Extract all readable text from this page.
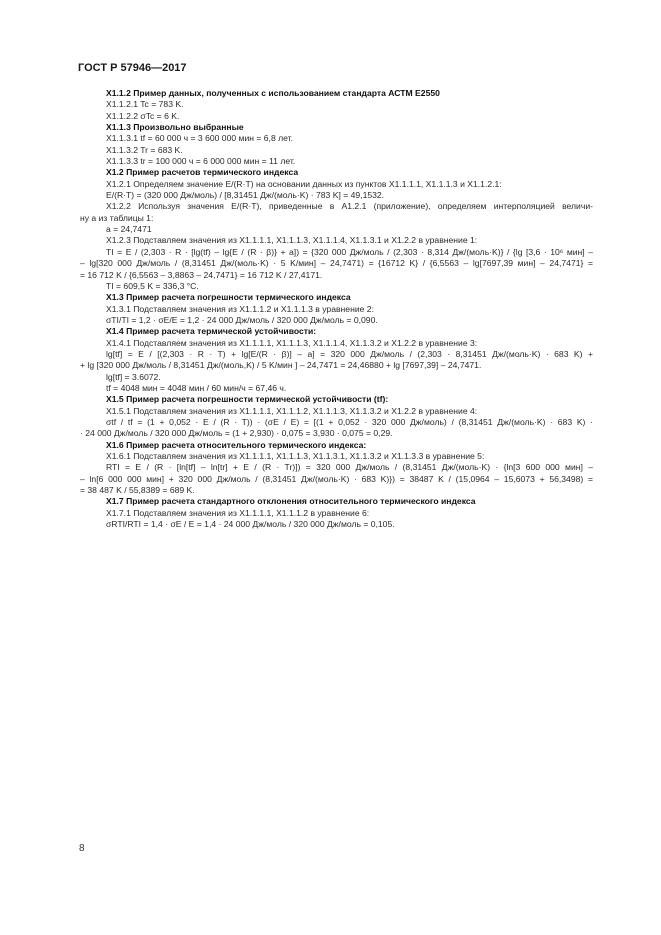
ГОСТ Р 57946—2017
X1.1.2 Пример данных, полученных с использованием стандарта АСТМ E2550
X1.1.2.1 Tc = 783 K.
X1.1.2.2 σTc = 6 K.
X1.1.3 Произвольно выбранные
X1.1.3.1 tf = 60 000 ч = 3 600 000 мин = 6,8 лет.
X1.1.3.2 Tr = 683 K.
X1.1.3.3 tr = 100 000 ч = 6 000 000 мин = 11 лет.
X1.2 Пример расчетов термического индекса
X1.2.1 Определяем значение E/(R·T) на основании данных из пунктов X1.1.1.1, X1.1.1.3 и X1.1.2.1:
E/(R·T) = (320 000 Дж/моль) / [8,31451 Дж/(моль·K) · 783 K] = 49,1532.
X1.2.2 Используя значения E/(R·T), приведенные в A1.2.1 (приложение), определяем интерполяцией величи-
ну a из таблицы 1:
a = 24,7471
X1.2.3 Подставляем значения из X1.1.1.1, X1.1.1.3, X1.1.1.4, X1.1.3.1 и X1.2.2 в уравнение 1:
TI = E / (2,303 · R · [lg(tf) – lg{E / (R · β)} + a]) = {320 000 Дж/моль / (2,303 · 8,314 Дж/(моль·K)} / {lg [3,6 · 10⁶ мин] –
– lg[320 000 Дж/моль / (8,31451 Дж/(моль·K) · 5 K/мин] – 24,7471) = {16712 K} / {6,5563 – lg[7697,39 мин] – 24,7471} =
= 16 712 K / {6,5563 – 3,8863 – 24,7471} = 16 712 K / 27,4171.
TI = 609,5 K = 336,3 °C.
X1.3 Пример расчета погрешности термического индекса
X1.3.1 Подставляем значения из X1.1.1.2 и X1.1.1.3 в уравнение 2:
σTI/TI = 1,2 · σE/E = 1,2 · 24 000 Дж/моль / 320 000 Дж/моль = 0,090.
X1.4 Пример расчета термической устойчивости:
X1.4.1 Подставляем значения из X1.1.1.1, X1.1.1.3, X1.1.1.4, X1.1.3.2 и X1.2.2 в уравнение 3:
lg[tf] = E / [(2,303 · R · T) + lg[E/(R · β)] – a] = 320 000 Дж/моль / (2,303 · 8,31451 Дж/(моль·K) · 683 K) +
+ lg [320 000 Дж/моль / 8,31451 Дж/(моль,K) / 5 K/мин ] – 24,7471 = 24,46880 + lg [7697,39] – 24,7471.
lg[tf] = 3.6072.
tf = 4048 мин = 4048 мин / 60 мин/ч = 67,46 ч.
X1.5 Пример расчета погрешности термической устойчивости (tf):
X1.5.1 Подставляем значения из X1.1.1.1, X1.1.1.2, X1.1.1.3, X1.1.3.2 и X1.2.2 в уравнение 4:
σtf / tf = (1 + 0,052 · E / (R · T)) · (σE / E) = [(1 + 0,052 · 320 000 Дж/моль) / (8,31451 Дж/(моль·K) · 683 K) ·
· 24 000 Дж/моль / 320 000 Дж/моль = (1 + 2,930) · 0,075 = 3,930 · 0,075 = 0,29.
X1.6 Пример расчета относительного термического индекса:
X1.6.1 Подставляем значения из X1.1.1.1, X1.1.1.3, X1.1.3.1, X1.1.3.2 и X1.1.3.3 в уравнение 5:
RTI = E / (R · [ln[tf] – ln[tr] + E / (R · Tr)]) = 320 000 Дж/моль / (8,31451 Дж/(моль·K) · {ln[3 600 000 мин] –
– ln[6 000 000 мин] + 320 000 Дж/моль / (8,31451 Дж/(моль·K) · 683 K)}) = 38487 K / (15,0964 – 15,6073 + 56,3498) =
= 38 487 K / 55,8389 = 689 K.
X1.7 Пример расчета стандартного отклонения относительного термического индекса
X1.7.1 Подставляем значения из X1.1.1.1, X1.1.1.2 в уравнение 6:
σRTI/RTI = 1,4 · σE / E = 1,4 · 24 000 Дж/моль / 320 000 Дж/моль = 0,105.
8
